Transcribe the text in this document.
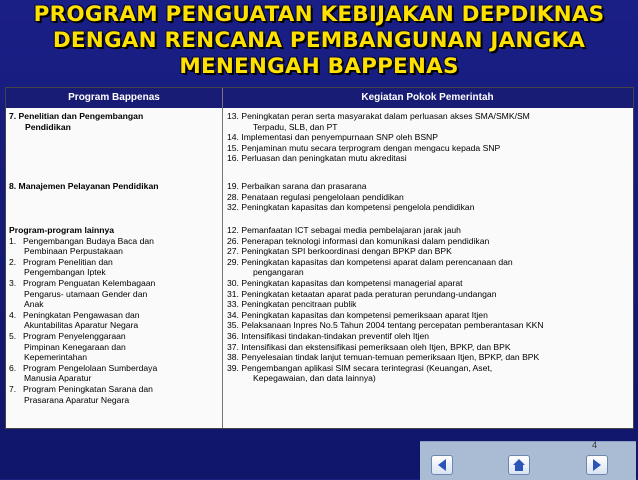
PROGRAM PENGUATAN KEBIJAKAN DEPDIKNAS
DENGAN RENCANA PEMBANGUNAN JANGKA
MENENGAH BAPPENAS
Program Bappenas	Kegiatan Pokok Pemerintah
7. Penelitian dan Pengembangan
Pendidikan
13. Peningkatan peran serta masyarakat dalam perluasan akses SMA/SMK/SM
Terpadu, SLB, dan PT
14. Implementasi dan penyempurnaan SNP oleh BSNP
15. Penjaminan mutu secara terprogram dengan mengacu kepada SNP
16. Perluasan dan peningkatan mutu akreditasi
8. Manajemen Pelayanan Pendidikan	19. Perbaikan sarana dan prasarana
28. Penataan regulasi pengelolaan pendidikan
32. Peningkatan kapasitas dan kompetensi pengelola pendidikan
Program-program lainnya
1. Pengembangan Budaya Baca dan
Pembinaan Perpustakaan
2. Program Penelitian dan
Pengembangan Iptek
3. Program Penguatan Kelembagaan
Pengarus- utamaan Gender dan
Anak
4. Peningkatan Pengawasan dan
Akuntabilitas Aparatur Negara
5. Program Penyelenggaraan
Pimpinan Kenegaraan dan
Kepemerintahan
6. Program Pengelolaan Sumberdaya
Manusia Aparatur
7. Program Peningkatan Sarana dan
Prasarana Aparatur Negara
12. Pemanfaatan ICT sebagai media pembelajaran jarak jauh
26. Penerapan teknologi informasi dan komunikasi dalam pendidikan
27. Peningkatan SPI berkoordinasi dengan BPKP dan BPK
29. Peningkatan kapasitas dan kompetensi aparat dalam perencanaan dan
pengangaran
30. Peningkatan kapasitas dan kompetensi managerial aparat
31. Peningkatan ketaatan aparat pada peraturan perundang-undangan
33. Peningkatan pencitraan publik
34. Peningkatan kapasitas dan kompetensi pemeriksaan aparat Itjen
35. Pelaksanaan Inpres No.5 Tahun 2004 tentang percepatan pemberantasan KKN
36. Intensifikasi tindakan-tindakan preventif oleh Itjen
37. Intensifikasi dan ekstensifikasi pemeriksaan oleh Itjen, BPKP, dan BPK
38. Penyelesaian tindak lanjut temuan-temuan pemeriksaan Itjen, BPKP, dan BPK
39. Pengembangan aplikasi SIM secara terintegrasi (Keuangan, Aset,
Kepegawaian, dan data lainnya)
4
